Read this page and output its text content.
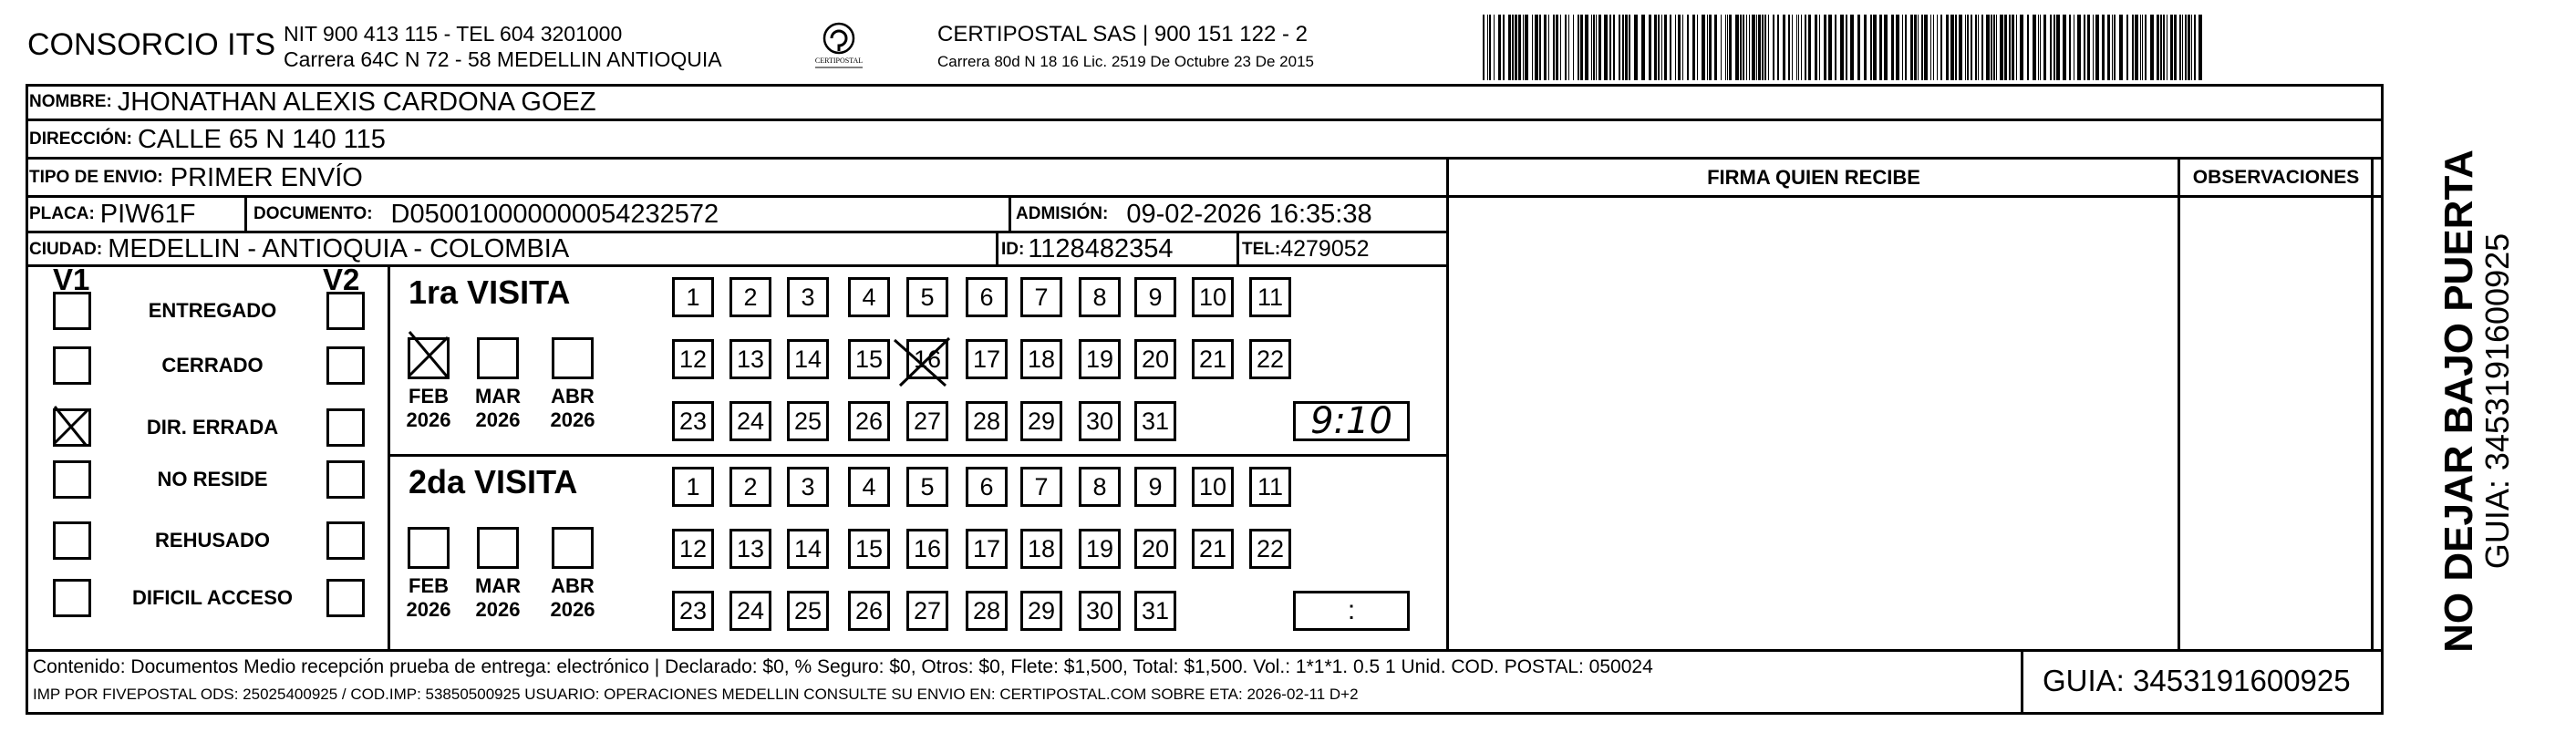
CONSORCIO ITS NIT 900 413 115 - TEL 604 3201000
Carrera 64C N 72 - 58 MEDELLIN ANTIOQUIA	CERTIPOSTAL
CERTIPOSTAL SAS | 900 151 122 - 2
Carrera 80d N 18 16 Lic. 2519 De Octubre 23 De 2015
NOMBRE: JHONATHAN ALEXIS CARDONA GOEZ
DIRECCIÓN: CALLE 65 N 140 115
TIPO DE ENVIO: PRIMER ENVÍO	FIRMA QUIEN RECIBE	OBSERVACIONES
PLACA: PIW61F	DOCUMENTO: D050010000000054232572	ADMISIÓN: 09-02-2026 16:35:38
CIUDAD: MEDELLIN - ANTIOQUIA - COLOMBIA	ID: 1128482354	TEL: 4279052
V1	V2
ENTREGADO
CERRADO
DIR. ERRADA
NO RESIDE
REHUSADO
DIFICIL ACCESO
1ra VISITA
FEB
2026
MAR
2026
ABR
2026
1	2	3	4	5	6	7	8	9	10	11
12 13 14 15 16 17 18 19 20 21 22
23 24 25 26 27 28 29 30 31	9:10
2da VISITA
FEB
2026
MAR
2026
ABR
2026
1	2	3	4	5	6	7	8	9	10	11
12 13 14 15 16 17 18 19 20 21 22
23 24 25 26 27 28 29 30 31	:
Contenido: Documentos Medio recepción prueba de entrega: electrónico | Declarado: $0, % Seguro: $0, Otros: $0, Flete: $1,500, Total: $1,500. Vol.: 1*1*1. 0.5 1 Unid. COD. POSTAL: 050024
IMP POR FIVEPOSTAL ODS: 25025400925 / COD.IMP: 53850500925 USUARIO: OPERACIONES MEDELLIN CONSULTE SU ENVIO EN: CERTIPOSTAL.COM SOBRE ETA: 2026-02-11 D+2	GUIA: 3453191600925
NO DEJAR BAJO PUERTA
GUIA: 3453191600925
